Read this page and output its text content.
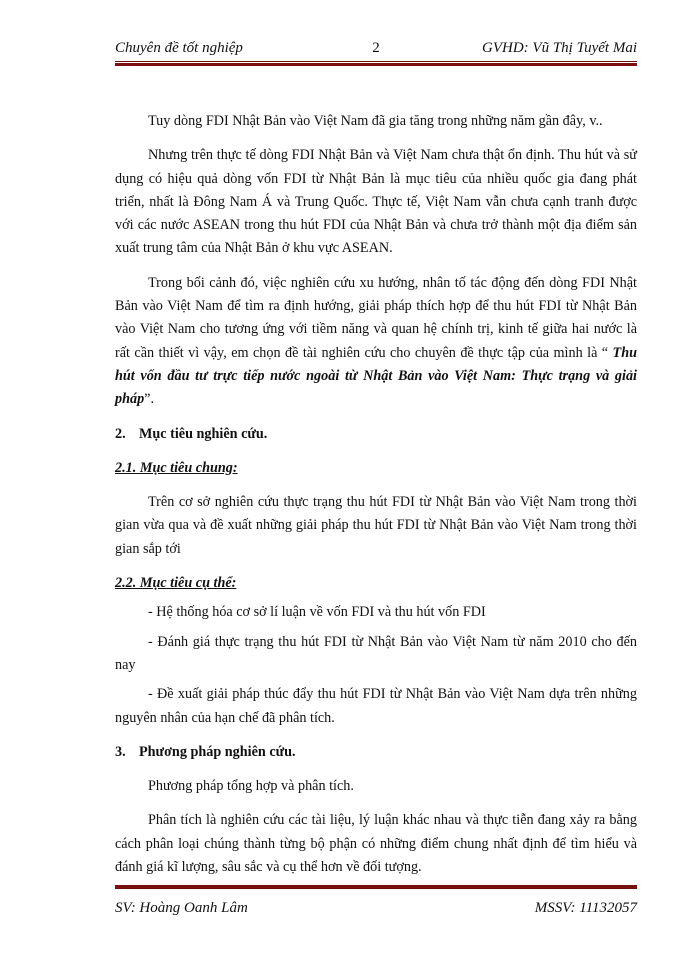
Chuyên đề tốt nghiệp	2	GVHD: Vũ Thị Tuyết Mai

Tuy dòng FDI Nhật Bản vào Việt Nam đã gia tăng trong những năm gần đây, v..

Nhưng trên thực tế dòng FDI Nhật Bản và Việt Nam chưa thật ổn định. Thu hút và sử dụng có hiệu quả dòng vốn FDI từ Nhật Bản là mục tiêu của nhiều quốc gia đang phát triển, nhất là Đông Nam Á và Trung Quốc. Thực tế, Việt Nam vẫn chưa cạnh tranh được với các nước ASEAN trong thu hút FDI của Nhật Bản và chưa trở thành một địa điểm sản xuất trung tâm của Nhật Bản ở khu vực ASEAN.

Trong bối cảnh đó, việc nghiên cứu xu hướng, nhân tố tác động đến dòng FDI Nhật Bản vào Việt Nam để tìm ra định hướng, giải pháp thích hợp để thu hút FDI từ Nhật Bản vào Việt Nam cho tương ứng với tiềm năng và quan hệ chính trị, kinh tế giữa hai nước là rất cần thiết vì vậy, em chọn đề tài nghiên cứu cho chuyên đề thực tập của mình là “ Thu hút vốn đầu tư trực tiếp nước ngoài từ Nhật Bản vào Việt Nam: Thực trạng và giải pháp”.

2. Mục tiêu nghiên cứu.

2.1. Mục tiêu chung:

Trên cơ sở nghiên cứu thực trạng thu hút FDI từ Nhật Bản vào Việt Nam trong thời gian vừa qua và đề xuất những giải pháp thu hút FDI từ Nhật Bản vào Việt Nam trong thời gian sắp tới

2.2. Mục tiêu cụ thể:

- Hệ thống hóa cơ sở lí luận về vốn FDI và thu hút vốn FDI

- Đánh giá thực trạng thu hút FDI từ Nhật Bản vào Việt Nam từ năm 2010 cho đến nay

- Đề xuất giải pháp thúc đẩy thu hút FDI từ Nhật Bản vào Việt Nam dựa trên những nguyên nhân của hạn chế đã phân tích.

3. Phương pháp nghiên cứu.

Phương pháp tổng hợp và phân tích.

Phân tích là nghiên cứu các tài liệu, lý luận khác nhau và thực tiễn đang xảy ra bằng cách phân loại chúng thành từng bộ phận có những điểm chung nhất định để tìm hiểu và đánh giá kĩ lượng, sâu sắc và cụ thể hơn về đối tượng.

SV: Hoàng Oanh Lâm	MSSV: 11132057
